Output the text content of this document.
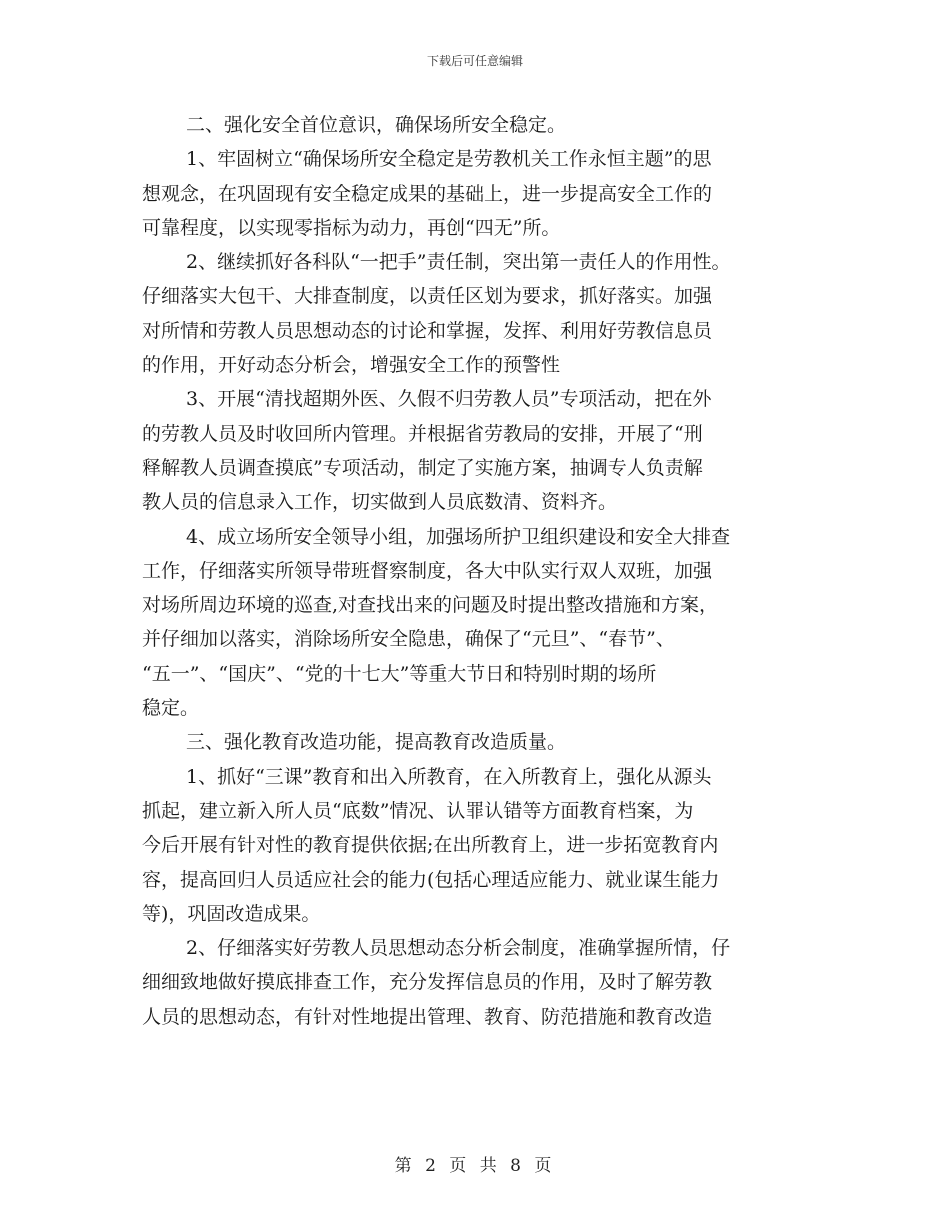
下载后可任意编辑
二、强化安全首位意识，确保场所安全稳定。
1、牢固树立“确保场所安全稳定是劳教机关工作永恒主题”的思
想观念，在巩固现有安全稳定成果的基础上，进一步提高安全工作的
可靠程度，以实现零指标为动力，再创“四无”所。
2、继续抓好各科队“一把手”责任制，突出第一责任人的作用性。
仔细落实大包干、大排查制度，以责任区划为要求，抓好落实。加强
对所情和劳教人员思想动态的讨论和掌握，发挥、利用好劳教信息员
的作用，开好动态分析会，增强安全工作的预警性
3、开展“清找超期外医、久假不归劳教人员”专项活动，把在外
的劳教人员及时收回所内管理。并根据省劳教局的安排，开展了“刑
释解教人员调查摸底”专项活动，制定了实施方案，抽调专人负责解
教人员的信息录入工作，切实做到人员底数清、资料齐。
4、成立场所安全领导小组，加强场所护卫组织建设和安全大排查
工作，仔细落实所领导带班督察制度，各大中队实行双人双班，加强
对场所周边环境的巡查,对查找出来的问题及时提出整改措施和方案，
并仔细加以落实，消除场所安全隐患，确保了“元旦”、“春节”、
“五一”、“国庆”、“党的十七大”等重大节日和特别时期的场所
稳定。
三、强化教育改造功能，提高教育改造质量。
1、抓好“三课”教育和出入所教育，在入所教育上，强化从源头
抓起，建立新入所人员“底数”情况、认罪认错等方面教育档案，为
今后开展有针对性的教育提供依据;在出所教育上，进一步拓宽教育内
容，提高回归人员适应社会的能力(包括心理适应能力、就业谋生能力
等)，巩固改造成果。
2、仔细落实好劳教人员思想动态分析会制度，准确掌握所情，仔
细细致地做好摸底排查工作，充分发挥信息员的作用，及时了解劳教
人员的思想动态，有针对性地提出管理、教育、防范措施和教育改造
第 2 页 共 8 页
